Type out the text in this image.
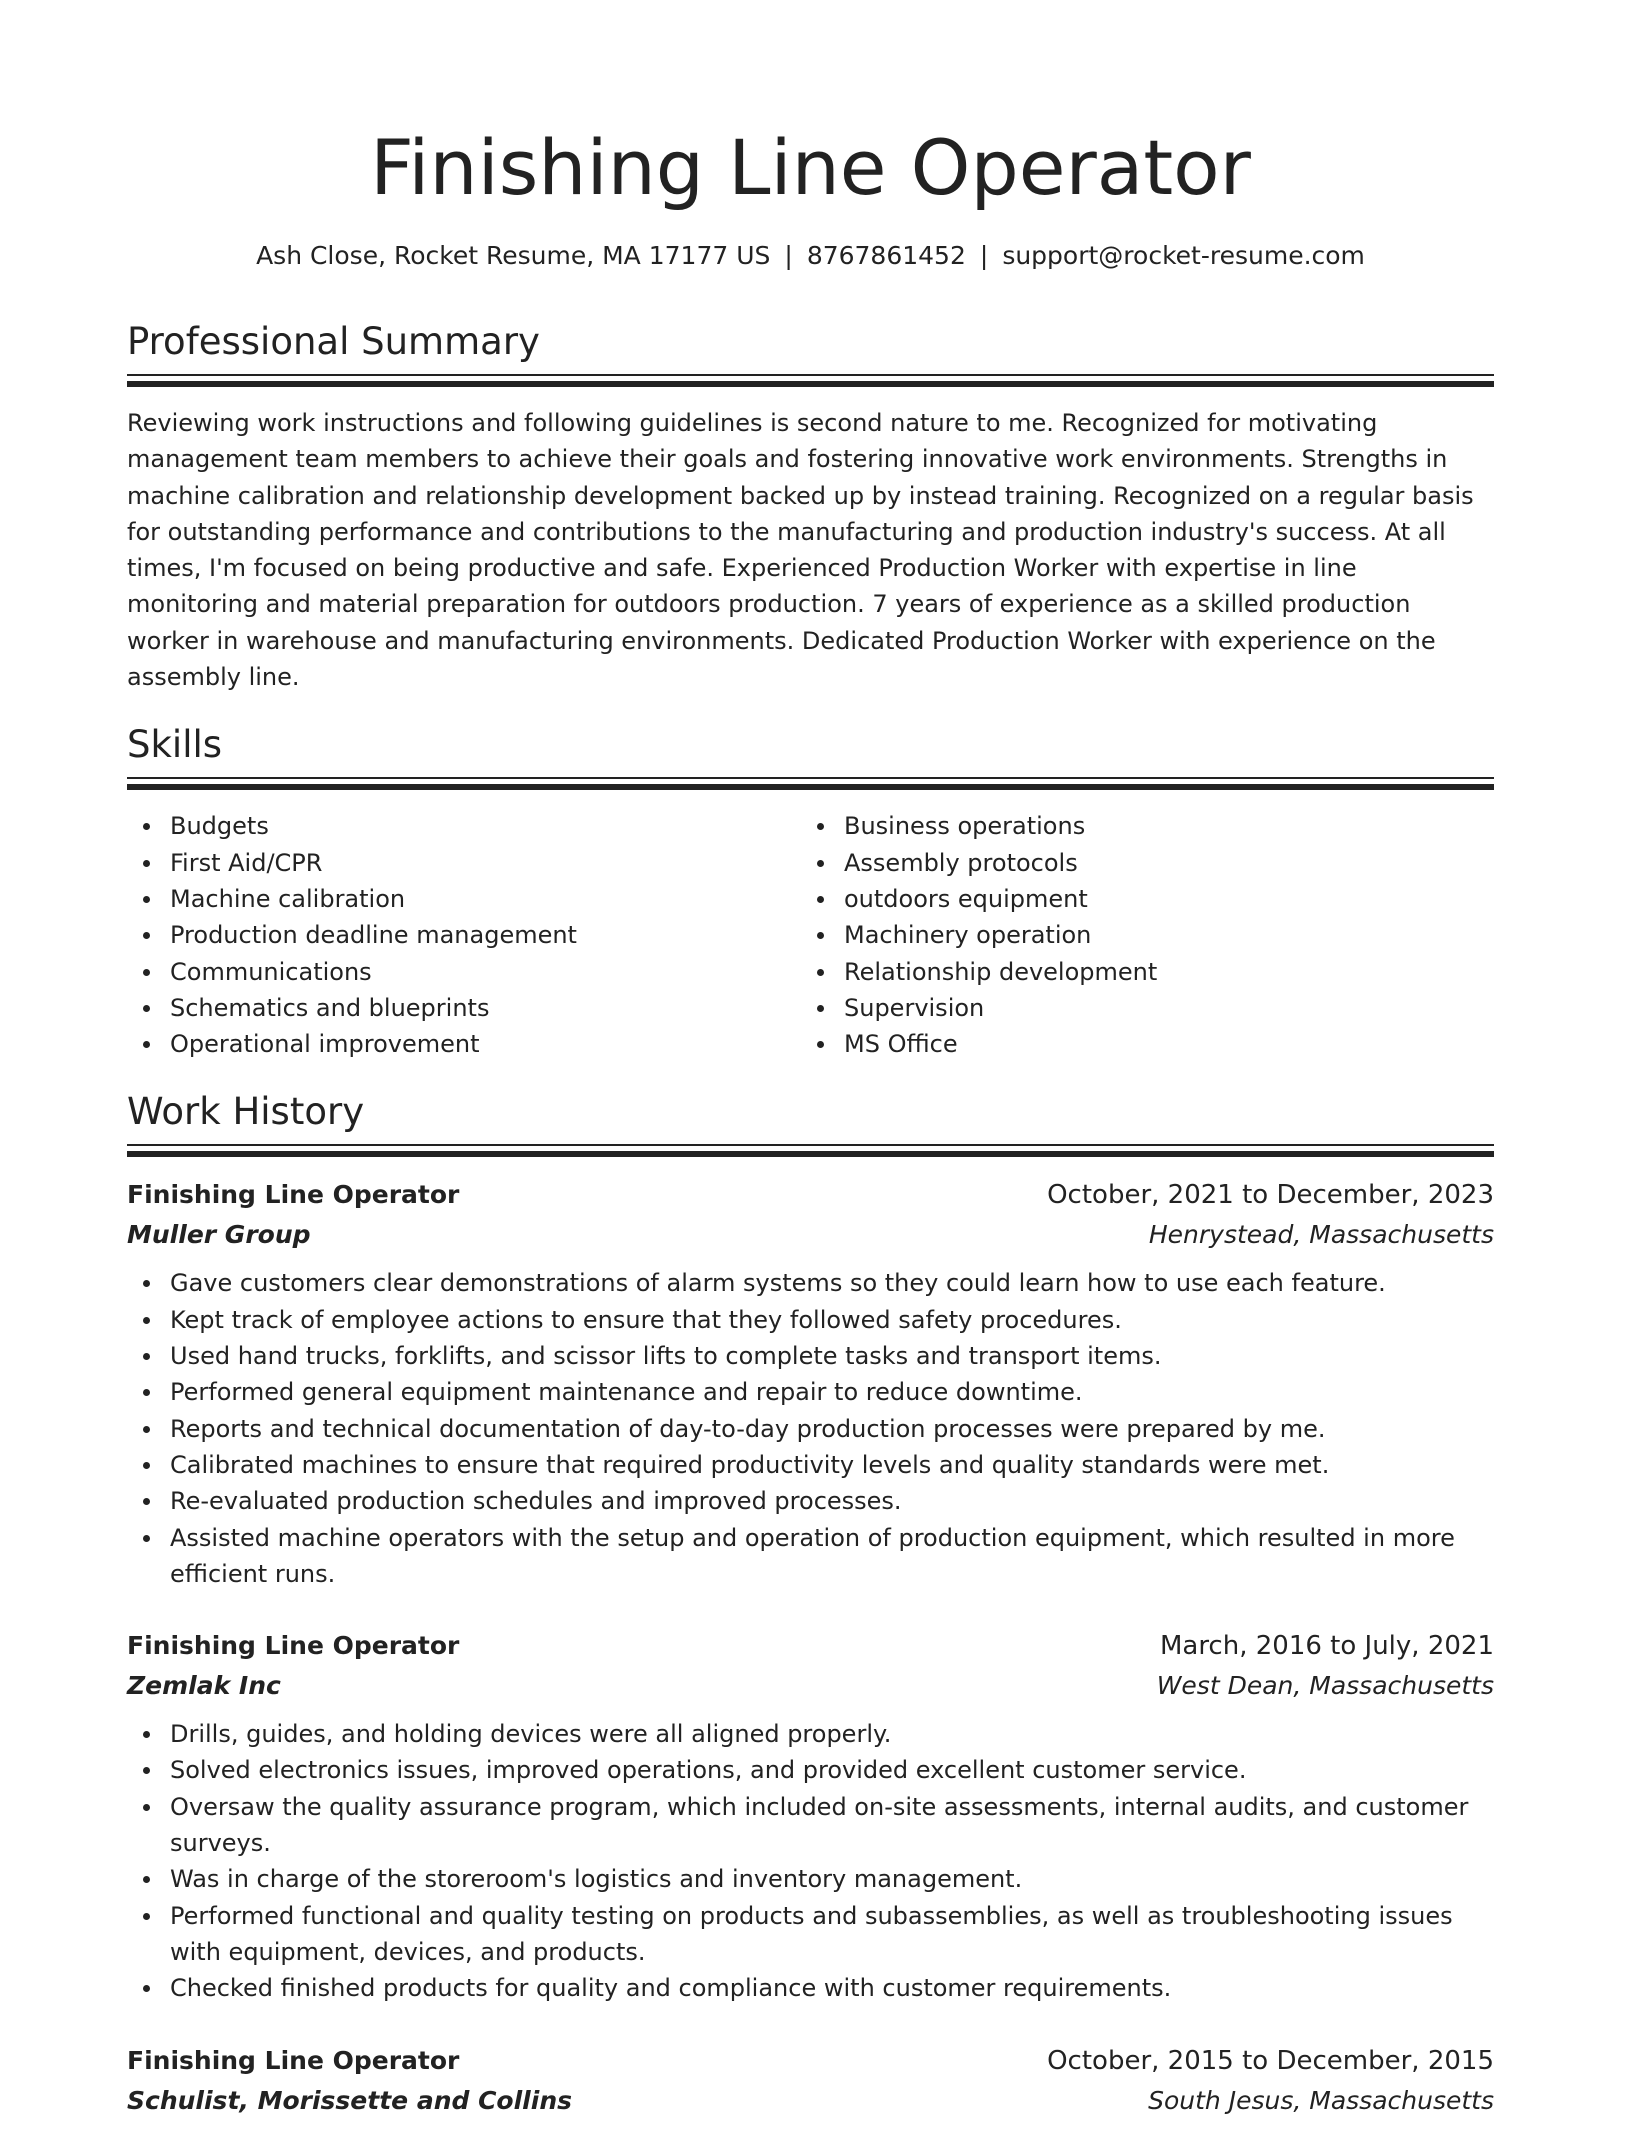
Finishing Line Operator
Ash Close, Rocket Resume, MA 17177 US | 8767861452 | support@rocket-resume.com
Professional Summary

Reviewing work instructions and following guidelines is second nature to me. Recognized for motivating management team members to achieve their goals and fostering innovative work environments. Strengths in machine calibration and relationship development backed up by instead training. Recognized on a regular basis for outstanding performance and contributions to the manufacturing and production industry's success. At all times, I'm focused on being productive and safe. Experienced Production Worker with expertise in line monitoring and material preparation for outdoors production. 7 years of experience as a skilled production worker in warehouse and manufacturing environments. Dedicated Production Worker with experience on the assembly line.

Skills
Budgets
First Aid/CPR
Machine calibration
Production deadline management
Communications
Schematics and blueprints
Operational improvement
Business operations
Assembly protocols
outdoors equipment
Machinery operation
Relationship development
Supervision
MS Office
Work History
Finishing Line Operator	October, 2021 to December, 2023
Muller Group	Henrystead, Massachusetts
Gave customers clear demonstrations of alarm systems so they could learn how to use each feature.
Kept track of employee actions to ensure that they followed safety procedures.
Used hand trucks, forklifts, and scissor lifts to complete tasks and transport items.
Performed general equipment maintenance and repair to reduce downtime.
Reports and technical documentation of day-to-day production processes were prepared by me.
Calibrated machines to ensure that required productivity levels and quality standards were met.
Re-evaluated production schedules and improved processes.
Assisted machine operators with the setup and operation of production equipment, which resulted in more efficient runs.
Finishing Line Operator	March, 2016 to July, 2021
Zemlak Inc	West Dean, Massachusetts
Drills, guides, and holding devices were all aligned properly.
Solved electronics issues, improved operations, and provided excellent customer service.
Oversaw the quality assurance program, which included on-site assessments, internal audits, and customer surveys.
Was in charge of the storeroom's logistics and inventory management.
Performed functional and quality testing on products and subassemblies, as well as troubleshooting issues with equipment, devices, and products.
Checked finished products for quality and compliance with customer requirements.
Finishing Line Operator	October, 2015 to December, 2015
Schulist, Morissette and Collins	South Jesus, Massachusetts
